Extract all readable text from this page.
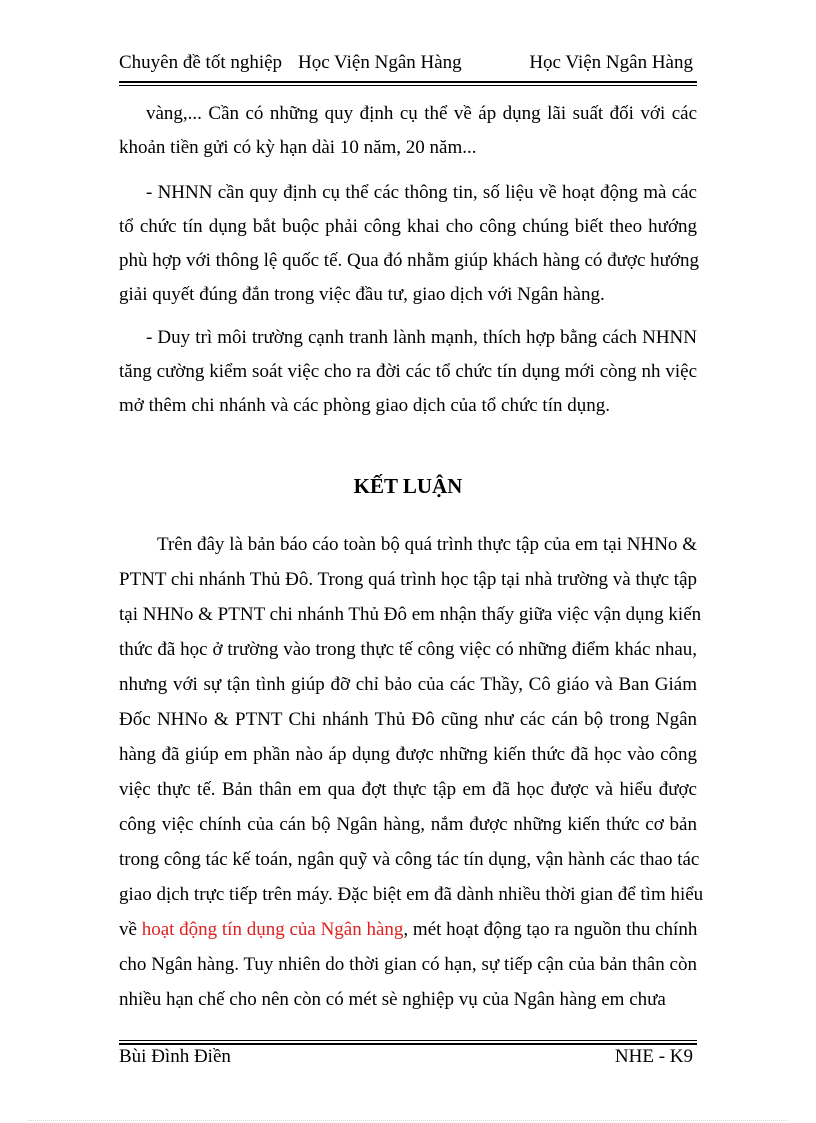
Chuyên đề tốt nghiệp Học Viện Ngân Hàng	Học Viện Ngân Hàng
vàng,... Cần có những quy định cụ thể về áp dụng lãi suất đối với các
khoản tiền gửi có kỳ hạn dài 10 năm, 20 năm...
- NHNN cần quy định cụ thể các thông tin, số liệu về hoạt động mà các
tổ chức tín dụng bắt buộc phải công khai cho công chúng biết theo hướng
phù hợp với thông lệ quốc tế. Qua đó nhằm giúp khách hàng có được hướng
giải quyết đúng đắn trong việc đầu tư, giao dịch với Ngân hàng.
- Duy trì môi trường cạnh tranh lành mạnh, thích hợp bằng cách NHNN
tăng cường kiểm soát việc cho ra đời các tổ chức tín dụng mới còng nh việc
mở thêm chi nhánh và các phòng giao dịch của tổ chức tín dụng.
KẾT LUẬN
Trên đây là bản báo cáo toàn bộ quá trình thực tập của em tại NHNo &
PTNT chi nhánh Thủ Đô. Trong quá trình học tập tại nhà trường và thực tập
tại NHNo & PTNT chi nhánh Thủ Đô em nhận thấy giữa việc vận dụng kiến
thức đã học ở trường vào trong thực tế công việc có những điểm khác nhau,
nhưng với sự tận tình giúp đỡ chỉ bảo của các Thầy, Cô giáo và Ban Giám
Đốc NHNo & PTNT Chi nhánh Thủ Đô cũng như các cán bộ trong Ngân
hàng đã giúp em phần nào áp dụng được những kiến thức đã học vào công
việc thực tế. Bản thân em qua đợt thực tập em đã học được và hiểu được
công việc chính của cán bộ Ngân hàng, nắm được những kiến thức cơ bản
trong công tác kế toán, ngân quỹ và công tác tín dụng, vận hành các thao tác
giao dịch trực tiếp trên máy. Đặc biệt em đã dành nhiều thời gian để tìm hiểu
về hoạt động tín dụng của Ngân hàng, mét hoạt động tạo ra nguồn thu chính
cho Ngân hàng. Tuy nhiên do thời gian có hạn, sự tiếp cận của bản thân còn
nhiều hạn chế cho nên còn có mét sè nghiệp vụ của Ngân hàng em chưa
Bùi Đình Điền	NHE - K9
